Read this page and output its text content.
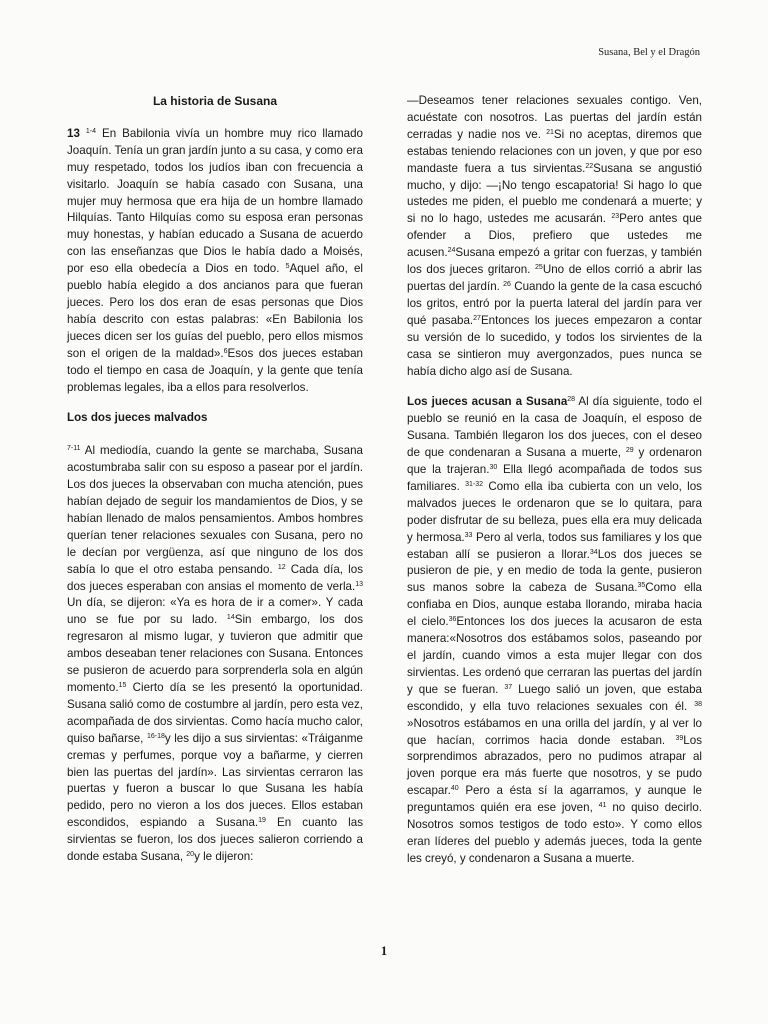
Susana, Bel y el Dragón
La historia de Susana

13 $^{1-4}$ En Babilonia vivía un hombre muy rico llamado Joaquín. Tenía un gran jardín junto a su casa, y como era muy respetado, todos los judíos iban con frecuencia a visitarlo. Joaquín se había casado con Susana, una mujer muy hermosa que era hija de un hombre llamado Hilquías. Tanto Hilquías como su esposa eran personas muy honestas, y habían educado a Susana de acuerdo con las enseñanzas que Dios le había dado a Moisés, por eso ella obedecía a Dios en todo. $^5$Aquel año, el pueblo había elegido a dos ancianos para que fueran jueces. Pero los dos eran de esas personas que Dios había descrito con estas palabras: «En Babilonia los jueces dicen ser los guías del pueblo, pero ellos mismos son el origen de la maldad».$^6$Esos dos jueces estaban todo el tiempo en casa de Joaquín, y la gente que tenía problemas legales, iba a ellos para resolverlos.

Los dos jueces malvados

$^{7-11}$ Al mediodía, cuando la gente se marchaba, Susana acostumbraba salir con su esposo a pasear por el jardín. Los dos jueces la observaban con mucha atención, pues habían dejado de seguir los mandamientos de Dios, y se habían llenado de malos pensamientos. Ambos hombres querían tener relaciones sexuales con Susana, pero no le decían por vergüenza, así que ninguno de los dos sabía lo que el otro estaba pensando. $^{12}$ Cada día, los dos jueces esperaban con ansias el momento de verla.$^{13}$ Un día, se dijeron: «Ya es hora de ir a comer». Y cada uno se fue por su lado. $^{14}$Sin embargo, los dos regresaron al mismo lugar, y tuvieron que admitir que ambos deseaban tener relaciones con Susana. Entonces se pusieron de acuerdo para sorprenderla sola en algún momento.$^{15}$ Cierto día se les presentó la oportunidad. Susana salió como de costumbre al jardín, pero esta vez, acompañada de dos sirvientas. Como hacía mucho calor, quiso bañarse, $^{16-18}$y les dijo a sus sirvientas: «Tráiganme cremas y perfumes, porque voy a bañarme, y cierren bien las puertas del jardín». Las sirvientas cerraron las puertas y fueron a buscar lo que Susana les había pedido, pero no vieron a los dos jueces. Ellos estaban escondidos, espiando a Susana.$^{19}$ En cuanto las sirvientas se fueron, los dos jueces salieron corriendo a donde estaba Susana, $^{20}$y le dijeron:

—Deseamos tener relaciones sexuales contigo. Ven, acuéstate con nosotros. Las puertas del jardín están cerradas y nadie nos ve. $^{21}$Si no aceptas, diremos que estabas teniendo relaciones con un joven, y que por eso mandaste fuera a tus sirvientas.$^{22}$Susana se angustió mucho, y dijo: —¡No tengo escapatoria! Si hago lo que ustedes me piden, el pueblo me condenará a muerte; y si no lo hago, ustedes me acusarán. $^{23}$Pero antes que ofender a Dios, prefiero que ustedes me acusen.$^{24}$Susana empezó a gritar con fuerzas, y también los dos jueces gritaron. $^{25}$Uno de ellos corrió a abrir las puertas del jardín. $^{26}$ Cuando la gente de la casa escuchó los gritos, entró por la puerta lateral del jardín para ver qué pasaba.$^{27}$Entonces los jueces empezaron a contar su versión de lo sucedido, y todos los sirvientes de la casa se sintieron muy avergonzados, pues nunca se había dicho algo así de Susana.

Los jueces acusan a Susana$^{28}$ Al día siguiente, todo el pueblo se reunió en la casa de Joaquín, el esposo de Susana. También llegaron los dos jueces, con el deseo de que condenaran a Susana a muerte, $^{29}$ y ordenaron que la trajeran.$^{30}$ Ella llegó acompañada de todos sus familiares. $^{31-32}$ Como ella iba cubierta con un velo, los malvados jueces le ordenaron que se lo quitara, para poder disfrutar de su belleza, pues ella era muy delicada y hermosa.$^{33}$ Pero al verla, todos sus familiares y los que estaban allí se pusieron a llorar.$^{34}$Los dos jueces se pusieron de pie, y en medio de toda la gente, pusieron sus manos sobre la cabeza de Susana.$^{35}$Como ella confiaba en Dios, aunque estaba llorando, miraba hacia el cielo.$^{36}$Entonces los dos jueces la acusaron de esta manera:«Nosotros dos estábamos solos, paseando por el jardín, cuando vimos a esta mujer llegar con dos sirvientas. Les ordenó que cerraran las puertas del jardín y que se fueran. $^{37}$ Luego salió un joven, que estaba escondido, y ella tuvo relaciones sexuales con él. $^{38}$ »Nosotros estábamos en una orilla del jardín, y al ver lo que hacían, corrimos hacia donde estaban. $^{39}$Los sorprendimos abrazados, pero no pudimos atrapar al joven porque era más fuerte que nosotros, y se pudo escapar.$^{40}$ Pero a ésta sí la agarramos, y aunque le preguntamos quién era ese joven, $^{41}$ no quiso decirlo. Nosotros somos testigos de todo esto». Y como ellos eran líderes del pueblo y además jueces, toda la gente les creyó, y condenaron a Susana a muerte.

1
